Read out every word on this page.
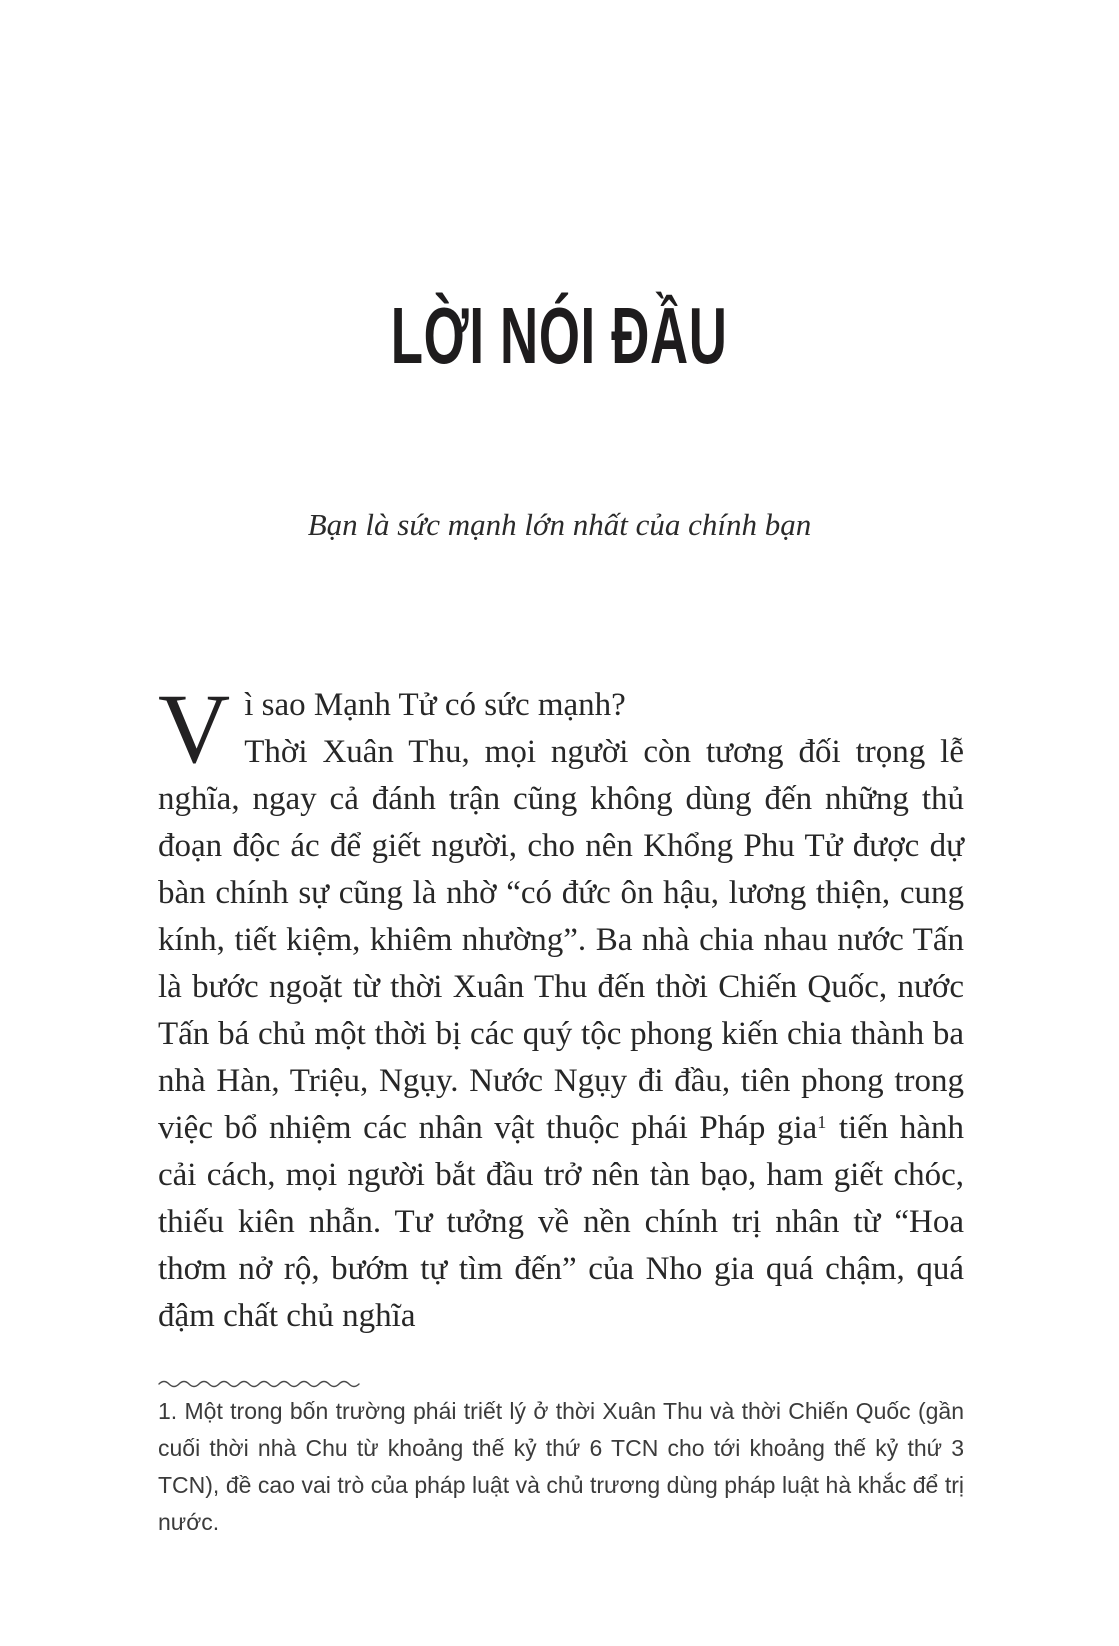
LỜI NÓI ĐẦU

Bạn là sức mạnh lớn nhất của chính bạn

V ì sao Mạnh Tử có sức mạnh?

Thời Xuân Thu, mọi người còn tương đối trọng lễ nghĩa, ngay cả đánh trận cũng không dùng đến những thủ đoạn độc ác để giết người, cho nên Khổng Phu Tử được dự bàn chính sự cũng là nhờ “có đức ôn hậu, lương thiện, cung kính, tiết kiệm, khiêm nhường”. Ba nhà chia nhau nước Tấn là bước ngoặt từ thời Xuân Thu đến thời Chiến Quốc, nước Tấn bá chủ một thời bị các quý tộc phong kiến chia thành ba nhà Hàn, Triệu, Ngụy. Nước Ngụy đi đầu, tiên phong trong việc bổ nhiệm các nhân vật thuộc phái Pháp gia$^1$ tiến hành cải cách, mọi người bắt đầu trở nên tàn bạo, ham giết chóc, thiếu kiên nhẫn. Tư tưởng về nền chính trị nhân từ “Hoa thơm nở rộ, bướm tự tìm đến” của Nho gia quá chậm, quá đậm chất chủ nghĩa

1. Một trong bốn trường phái triết lý ở thời Xuân Thu và thời Chiến Quốc (gần cuối thời nhà Chu từ khoảng thế kỷ thứ 6 TCN cho tới khoảng thế kỷ thứ 3 TCN), đề cao vai trò của pháp luật và chủ trương dùng pháp luật hà khắc để trị nước.
